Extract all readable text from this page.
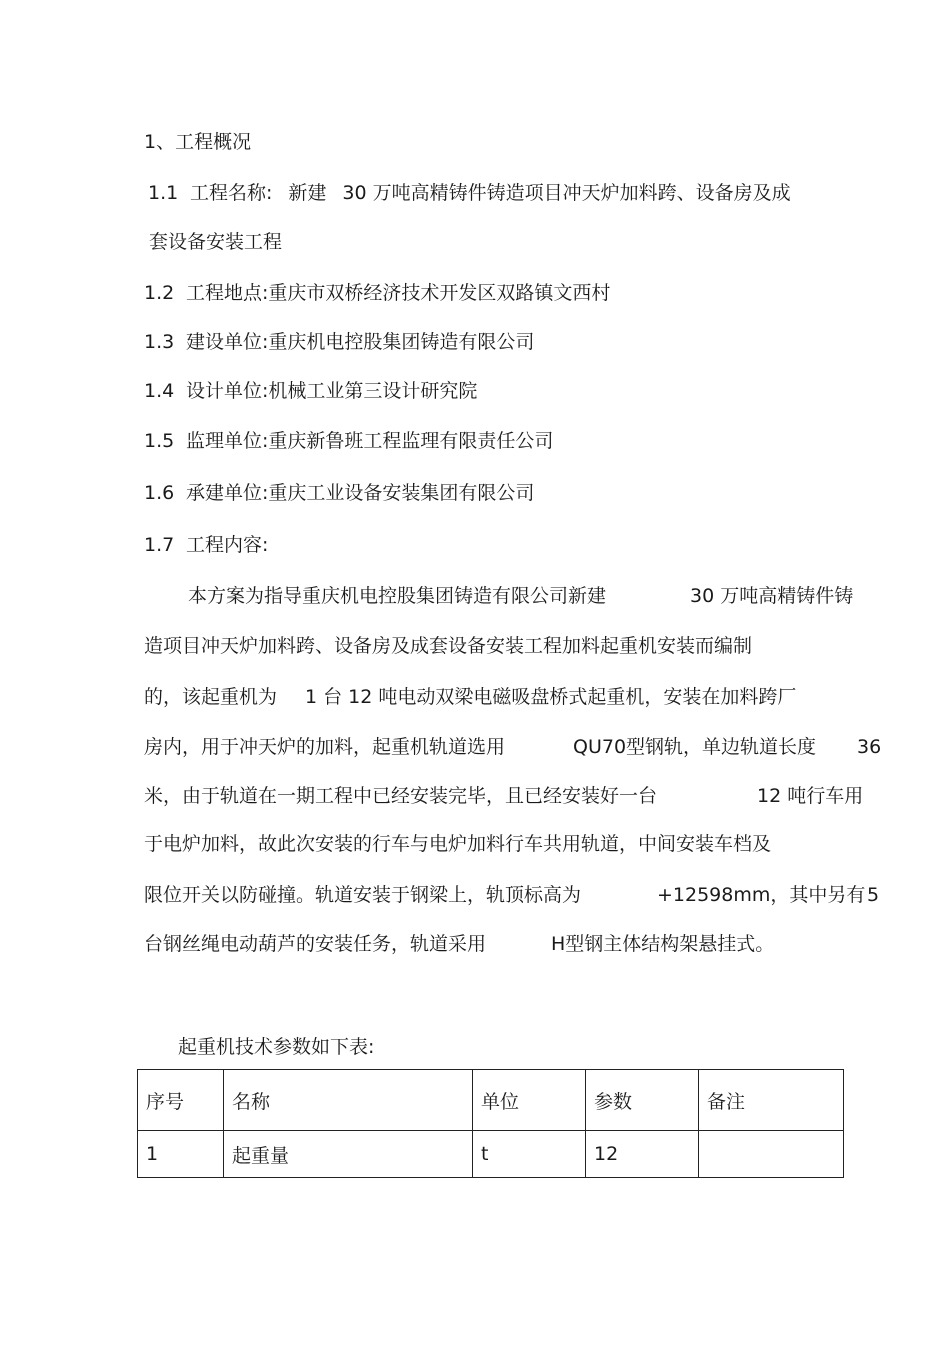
1、工程概况
1.1 工程名称: 新建 30 万吨高精铸件铸造项目冲天炉加料跨、设备房及成
套设备安装工程
1.2 工程地点: 重庆市双桥经济技术开发区双路镇文西村
1.3 建设单位: 重庆机电控股集团铸造有限公司
1.4 设计单位: 机械工业第三设计研究院
1.5 监理单位: 重庆新鲁班工程监理有限责任公司
1.6 承建单位: 重庆工业设备安装集团有限公司
1.7 工程内容:
本方案为指导重庆机电控股集团铸造有限公司新建	30 万吨高精铸件铸
造项目冲天炉加料跨、设备房及成套设备安装工程加料起重机安装而编制
的，该起重机为 1 台 12 吨电动双梁电磁吸盘桥式起重机，安装在加料跨厂
房内，用于冲天炉的加料，起重机轨道选用	QU70型钢轨，单边轨道长度 36
米，由于轨道在一期工程中已经安装完毕，且已经安装好一台	12 吨行车用
于电炉加料，故此次安装的行车与电炉加料行车共用轨道，中间安装车档及
限位开关以防碰撞。轨道安装于钢梁上，轨顶标高为	+12598mm，其中另有 5
台钢丝绳电动葫芦的安装任务，轨道采用	H型钢主体结构架悬挂式。
起重机技术参数如下表:
序号	名称	单位	参数	备注
1	起重量	t	12	
